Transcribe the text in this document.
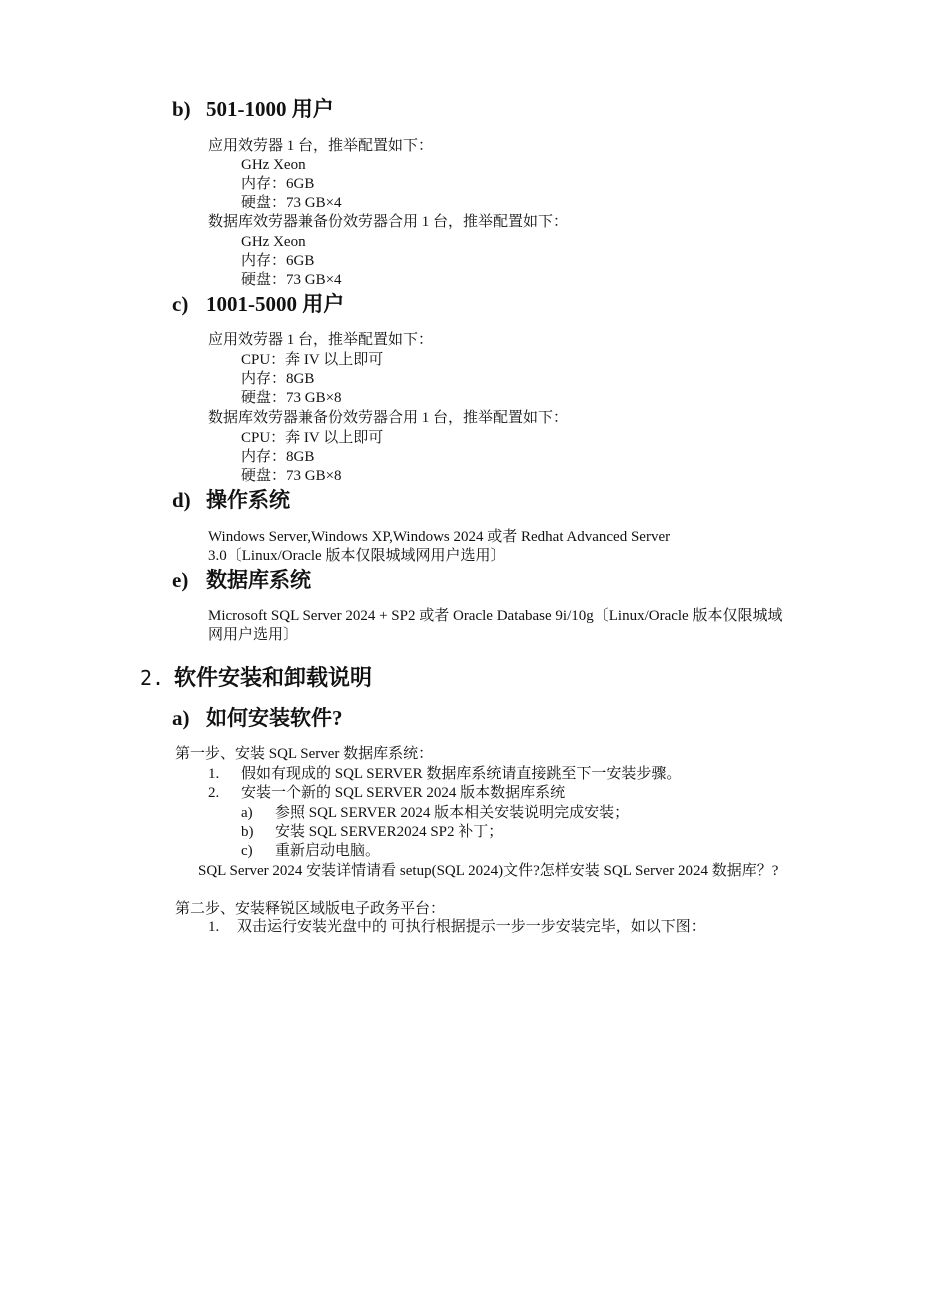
b) 501-1000 用户
应用效劳器 1 台，推举配置如下：
GHz Xeon
内存：6GB
硬盘：73 GB×4
数据库效劳器兼备份效劳器合用 1 台，推举配置如下：
GHz Xeon
内存：6GB
硬盘：73 GB×4
c) 1001-5000 用户
应用效劳器 1 台，推举配置如下：
CPU：奔 IV 以上即可
内存：8GB
硬盘：73 GB×8
数据库效劳器兼备份效劳器合用 1 台，推举配置如下：
CPU：奔 IV 以上即可
内存：8GB
硬盘：73 GB×8
d) 操作系统
Windows Server,Windows XP,Windows 2024 或者 Redhat Advanced Server
3.0〔Linux/Oracle 版本仅限城域网用户选用〕
e) 数据库系统
Microsoft SQL Server 2024 + SP2 或者 Oracle Database 9i/10g〔Linux/Oracle 版本仅限城域
网用户选用〕
2. 软件安装和卸载说明
a) 如何安装软件?
第一步、安装 SQL Server 数据库系统：
1. 假如有现成的 SQL SERVER 数据库系统请直接跳至下一安装步骤。
2. 安装一个新的 SQL SERVER 2024 版本数据库系统
a) 参照 SQL SERVER 2024 版本相关安装说明完成安装；
b) 安装 SQL SERVER2024 SP2 补丁；
c) 重新启动电脑。
SQL Server 2024 安装详情请看 setup(SQL 2024)文件?怎样安装 SQL Server 2024 数据库？?
第二步、安装释锐区域版电子政务平台：
1. 双击运行安装光盘中的 可执行根据提示一步一步安装完毕，如以下图：
